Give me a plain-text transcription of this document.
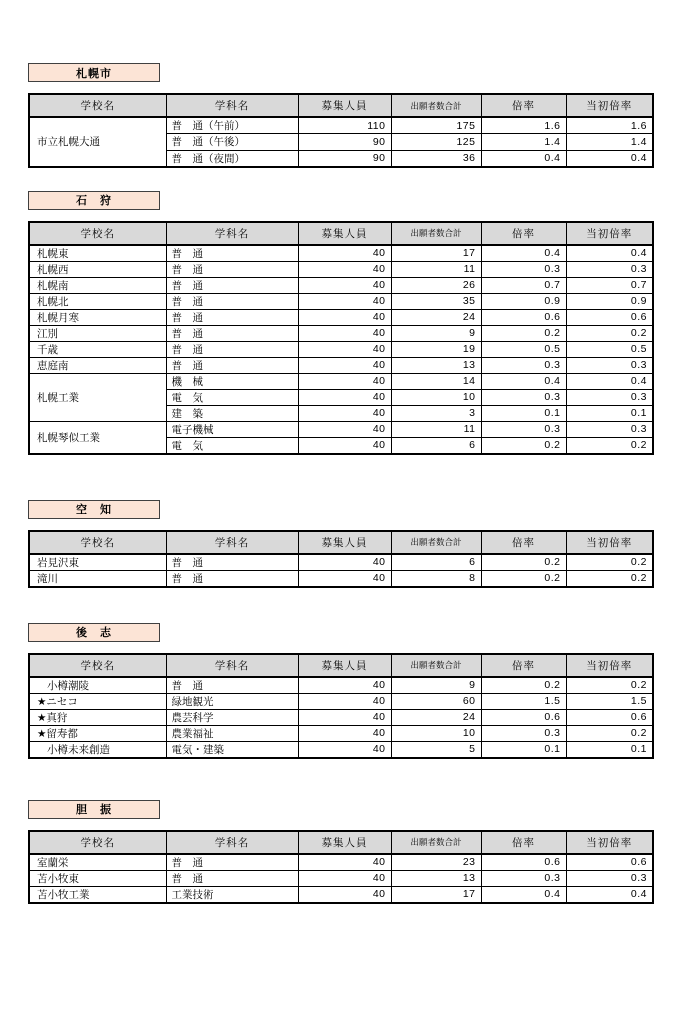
札幌市
学校名	学科名	募集人員	出願者数合計	倍率	当初倍率
市立札幌大通	普　通（午前）	110	175	1.6	1.6
	普　通（午後）	90	125	1.4	1.4
	普　通（夜間）	90	36	0.4	0.4
石　狩
学校名	学科名	募集人員	出願者数合計	倍率	当初倍率
札幌東	普　通	40	17	0.4	0.4
札幌西	普　通	40	11	0.3	0.3
札幌南	普　通	40	26	0.7	0.7
札幌北	普　通	40	35	0.9	0.9
札幌月寒	普　通	40	24	0.6	0.6
江別	普　通	40	9	0.2	0.2
千歳	普　通	40	19	0.5	0.5
恵庭南	普　通	40	13	0.3	0.3
札幌工業	機　械	40	14	0.4	0.4
	電　気	40	10	0.3	0.3
	建　築	40	3	0.1	0.1
札幌琴似工業	電子機械	40	11	0.3	0.3
	電　気	40	6	0.2	0.2
空　知
学校名	学科名	募集人員	出願者数合計	倍率	当初倍率
岩見沢東	普　通	40	6	0.2	0.2
滝川	普　通	40	8	0.2	0.2
後　志
学校名	学科名	募集人員	出願者数合計	倍率	当初倍率
小樽潮陵	普　通	40	9	0.2	0.2
★ニセコ	緑地観光	40	60	1.5	1.5
★真狩	農芸科学	40	24	0.6	0.6
★留寿都	農業福祉	40	10	0.3	0.2
小樽未来創造	電気・建築	40	5	0.1	0.1
胆　振
学校名	学科名	募集人員	出願者数合計	倍率	当初倍率
室蘭栄	普　通	40	23	0.6	0.6
苫小牧東	普　通	40	13	0.3	0.3
苫小牧工業	工業技術	40	17	0.4	0.4
